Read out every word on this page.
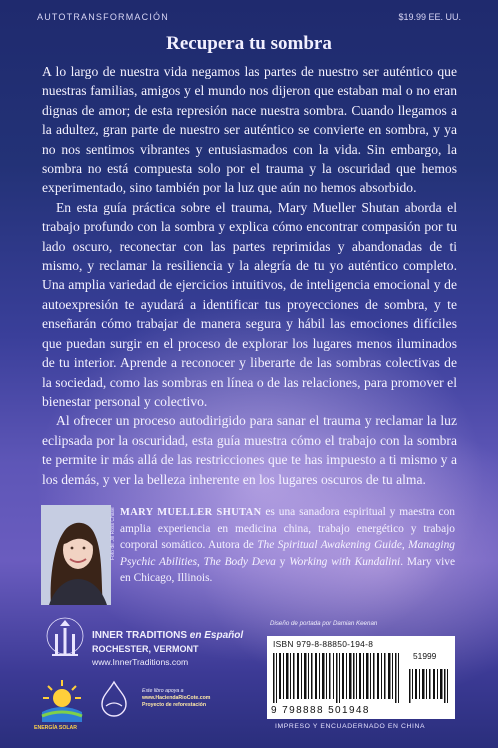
AUTOTRANSFORMACIÓN	$19.99 EE. UU.
Recupera tu sombra

A lo largo de nuestra vida negamos las partes de nuestro ser auténtico que nuestras familias, amigos y el mundo nos dijeron que estaban mal o no eran dignas de amor; de esta represión nace nuestra sombra. Cuando llegamos a la adultez, gran parte de nuestro ser auténtico se convierte en sombra, y ya no nos sentimos vibrantes y entusiasmados con la vida. Sin embargo, la sombra no está compuesta solo por el trauma y la oscuridad que hemos experimentado, sino también por la luz que aún no hemos absorbido.

En esta guía práctica sobre el trauma, Mary Mueller Shutan aborda el trabajo profundo con la sombra y explica cómo encontrar compasión por tu lado oscuro, reconectar con las partes reprimidas y abandonadas de ti mismo, y reclamar la resiliencia y la alegría de tu yo auténtico completo. Una amplia variedad de ejercicios intuitivos, de inteligencia emocional y de autoexpresión te ayudará a identificar tus proyecciones de sombra, y te enseñarán cómo trabajar de manera segura y hábil las emociones difíciles que puedan surgir en el proceso de explorar los lugares menos iluminados de tu interior. Aprende a reconocer y liberarte de las sombras colectivas de la sociedad, como las sombras en línea o de las relaciones, para promover el bienestar personal y colectivo.

Al ofrecer un proceso autodirigido para sanar el trauma y reclamar la luz eclipsada por la oscuridad, esta guía muestra cómo el trabajo con la sombra te permite ir más allá de las restricciones que te has impuesto a ti mismo y a los demás, y ver la belleza inherente en los lugares oscuros de tu alma.

Foto de Jill Ross Chase MARY MUELLER SHUTAN es una sanadora espiritual y maestra con amplia experiencia en medicina china, trabajo energético y trabajo corporal somático. Autora de The Spiritual Awakening Guide, Managing Psychic Abilities, The Body Deva y Working with Kundalini. Mary vive en Chicago, Illinois.
INNER TRADITIONS en Español
ROCHESTER, VERMONT
www.InnerTraditions.com
ENERGÍA SOLAR
Este libro apoya a
www.HaciendaRioCote.com
Proyecto de reforestación
Diseño de portada por Damian Keenan
ISBN 979-8-88850-194-8
51999
9 798888 501948
IMPRESO Y ENCUADERNADO EN CHINA
